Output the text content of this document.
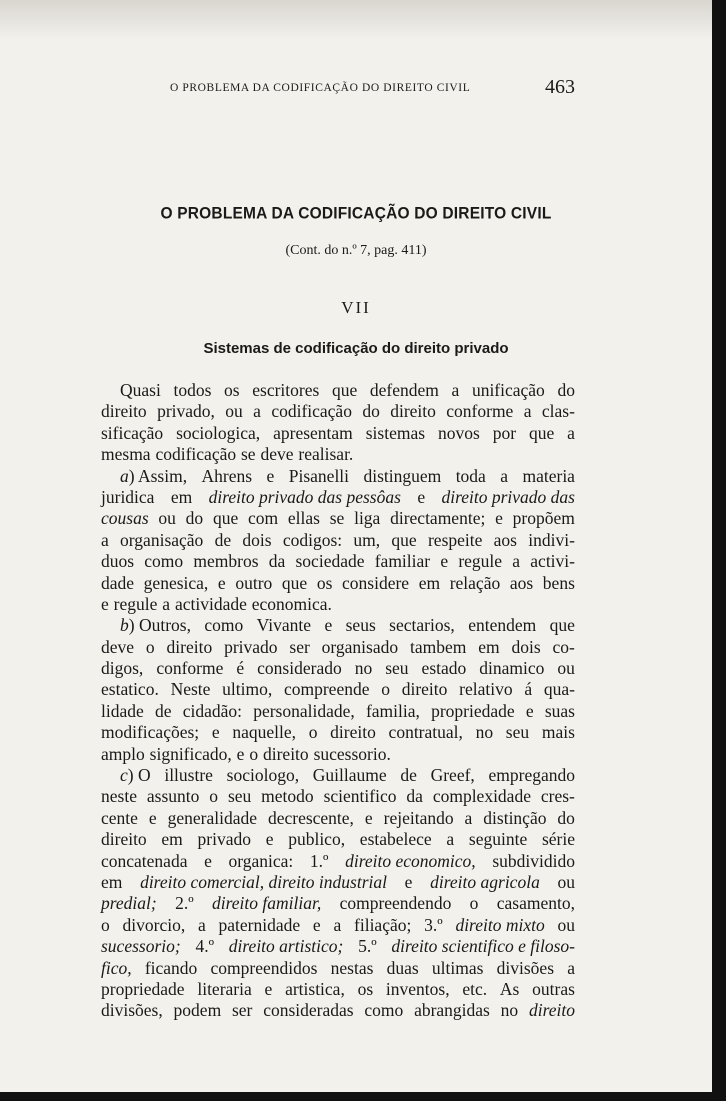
O PROBLEMA DA CODIFICAÇÃO DO DIREITO CIVIL	463
O PROBLEMA DA CODIFICAÇÃO DO DIREITO CIVIL
(Cont. do n.º 7, pag. 411)
VII
Sistemas de codificação do direito privado
Quasi todos os escritores que defendem a unificação do
direito privado, ou a codificação do direito conforme a clas-
sificação sociologica, apresentam sistemas novos por que a
mesma codificação se deve realisar.
a) Assim, Ahrens e Pisanelli distinguem toda a materia
juridica em direito privado das pessôas e direito privado das
cousas ou do que com ellas se liga directamente; e propõem
a organisação de dois codigos: um, que respeite aos indivi-
duos como membros da sociedade familiar e regule a activi-
dade genesica, e outro que os considere em relação aos bens
e regule a actividade economica.
b) Outros, como Vivante e seus sectarios, entendem que
deve o direito privado ser organisado tambem em dois co-
digos, conforme é considerado no seu estado dinamico ou
estatico. Neste ultimo, compreende o direito relativo á qua-
lidade de cidadão: personalidade, familia, propriedade e suas
modificações; e naquelle, o direito contratual, no seu mais
amplo significado, e o direito sucessorio.
c) O illustre sociologo, Guillaume de Greef, empregando
neste assunto o seu metodo scientifico da complexidade cres-
cente e generalidade decrescente, e rejeitando a distinção do
direito em privado e publico, estabelece a seguinte série
concatenada e organica: 1.º direito economico, subdividido
em direito comercial, direito industrial e direito agricola ou
predial; 2.º direito familiar, compreendendo o casamento,
o divorcio, a paternidade e a filiação; 3.º direito mixto ou
sucessorio; 4.º direito artistico; 5.º direito scientifico e filoso-
fico, ficando compreendidos nestas duas ultimas divisões a
propriedade literaria e artistica, os inventos, etc. As outras
divisões, podem ser consideradas como abrangidas no direito
